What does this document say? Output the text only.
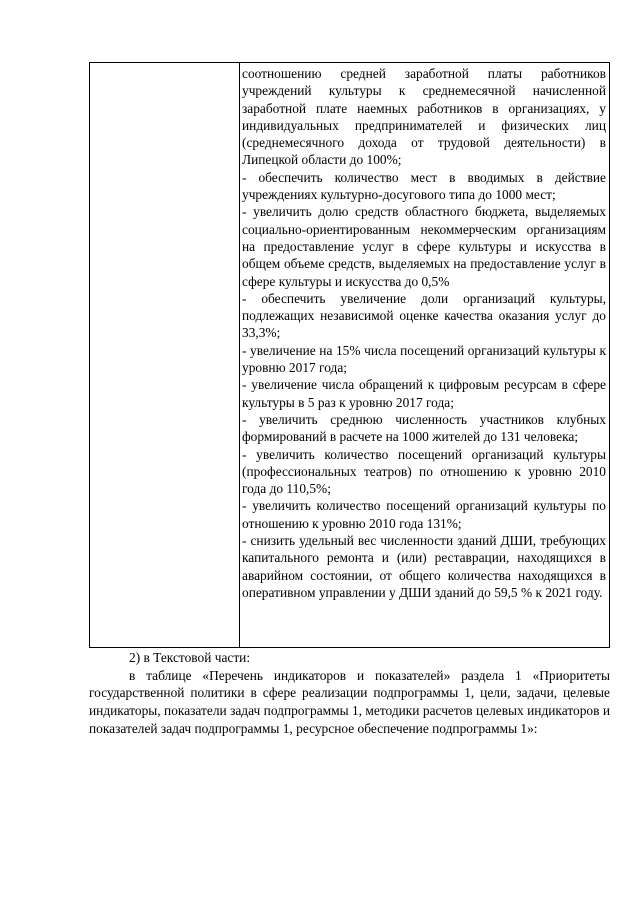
соотношению средней заработной платы работников учреждений культуры к среднемесячной начисленной заработной плате наемных работников в организациях, у индивидуальных предпринимателей и физических лиц (среднемесячного дохода от трудовой деятельности) в Липецкой области до 100%;

- обеспечить количество мест в вводимых в действие учреждениях культурно-досугового типа до 1000 мест;

- увеличить долю средств областного бюджета, выделяемых социально-ориентированным некоммерческим организациям на предоставление услуг в сфере культуры и искусства в общем объеме средств, выделяемых на предоставление услуг в сфере культуры и искусства до 0,5%

- обеспечить увеличение доли организаций культуры, подлежащих независимой оценке качества оказания услуг до 33,3%;

- увеличение на 15% числа посещений организаций культуры к уровню 2017 года;

- увеличение числа обращений к цифровым ресурсам в сфере культуры в 5 раз к уровню 2017 года;

- увеличить среднюю численность участников клубных формирований в расчете на 1000 жителей до 131 человека;

- увеличить количество посещений организаций культуры (профессиональных театров) по отношению к уровню 2010 года до 110,5%;

- увеличить количество посещений организаций культуры по отношению к уровню 2010 года 131%;

- снизить удельный вес численности зданий ДШИ, требующих капитального ремонта и (или) реставрации, находящихся в аварийном состоянии, от общего количества находящихся в оперативном управлении у ДШИ зданий до 59,5 % к 2021 году.

2) в Текстовой части:

в таблице «Перечень индикаторов и показателей» раздела 1 «Приоритеты государственной политики в сфере реализации подпрограммы 1, цели, задачи, целевые индикаторы, показатели задач подпрограммы 1, методики расчетов целевых индикаторов и показателей задач подпрограммы 1, ресурсное обеспечение подпрограммы 1»:
